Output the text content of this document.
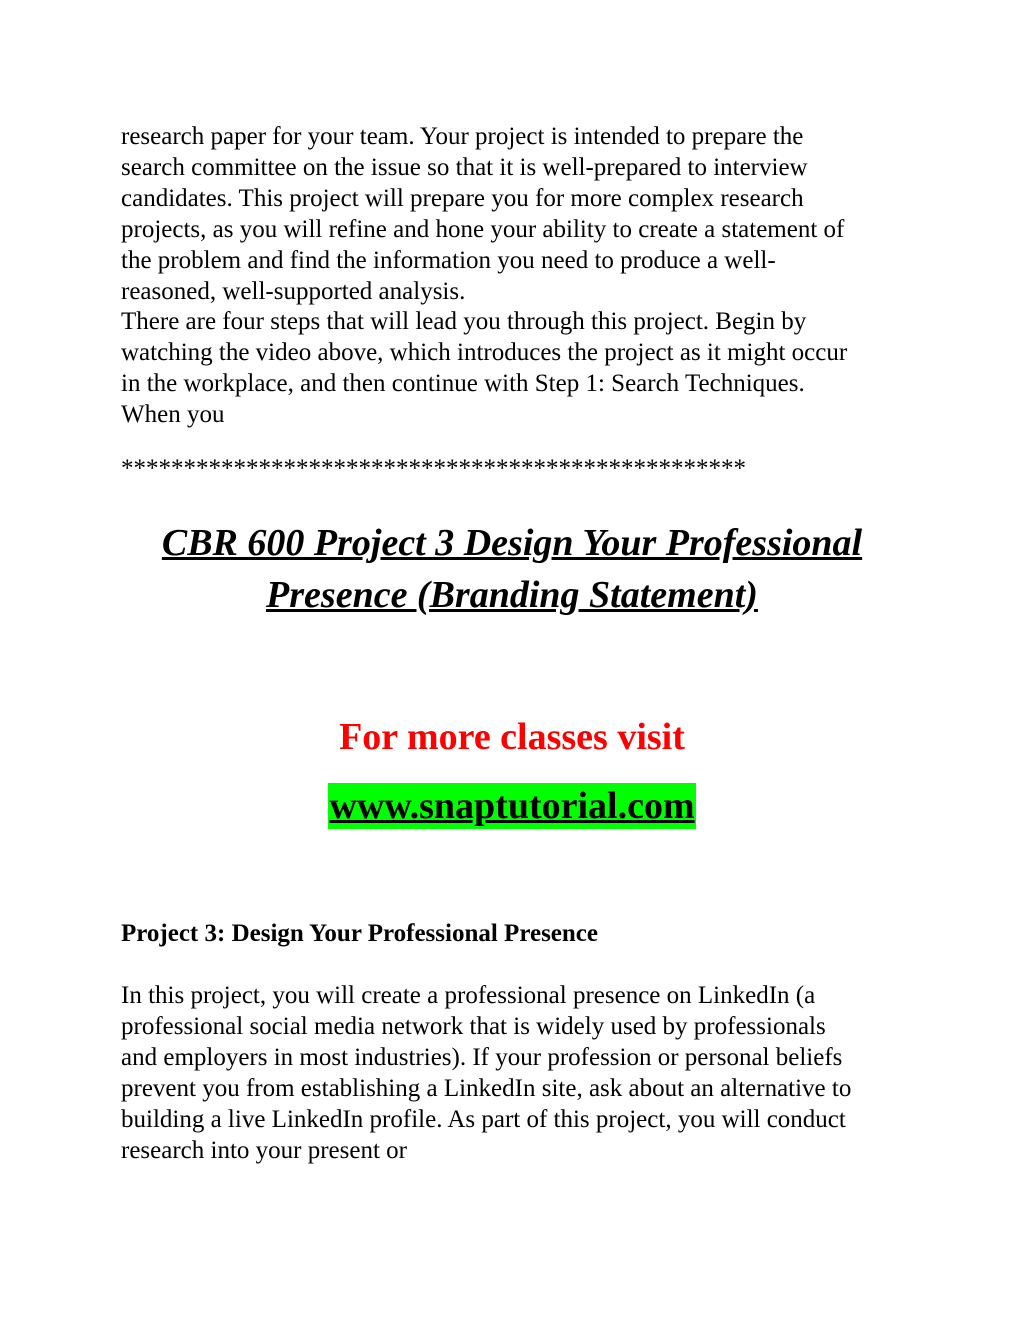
research paper for your team. Your project is intended to prepare the
search committee on the issue so that it is well-prepared to interview
candidates. This project will prepare you for more complex research
projects, as you will refine and hone your ability to create a statement of
the problem and find the information you need to produce a well-
reasoned, well-supported analysis.
There are four steps that will lead you through this project. Begin by
watching the video above, which introduces the project as it might occur
in the workplace, and then continue with Step 1: Search Techniques.
When you
**************************************************
CBR 600 Project 3 Design Your Professional
Presence (Branding Statement)
For more classes visit
www.snaptutorial.com
Project 3: Design Your Professional Presence
In this project, you will create a professional presence on LinkedIn (a
professional social media network that is widely used by professionals
and employers in most industries). If your profession or personal beliefs
prevent you from establishing a LinkedIn site, ask about an alternative to
building a live LinkedIn profile. As part of this project, you will conduct
research into your present or
